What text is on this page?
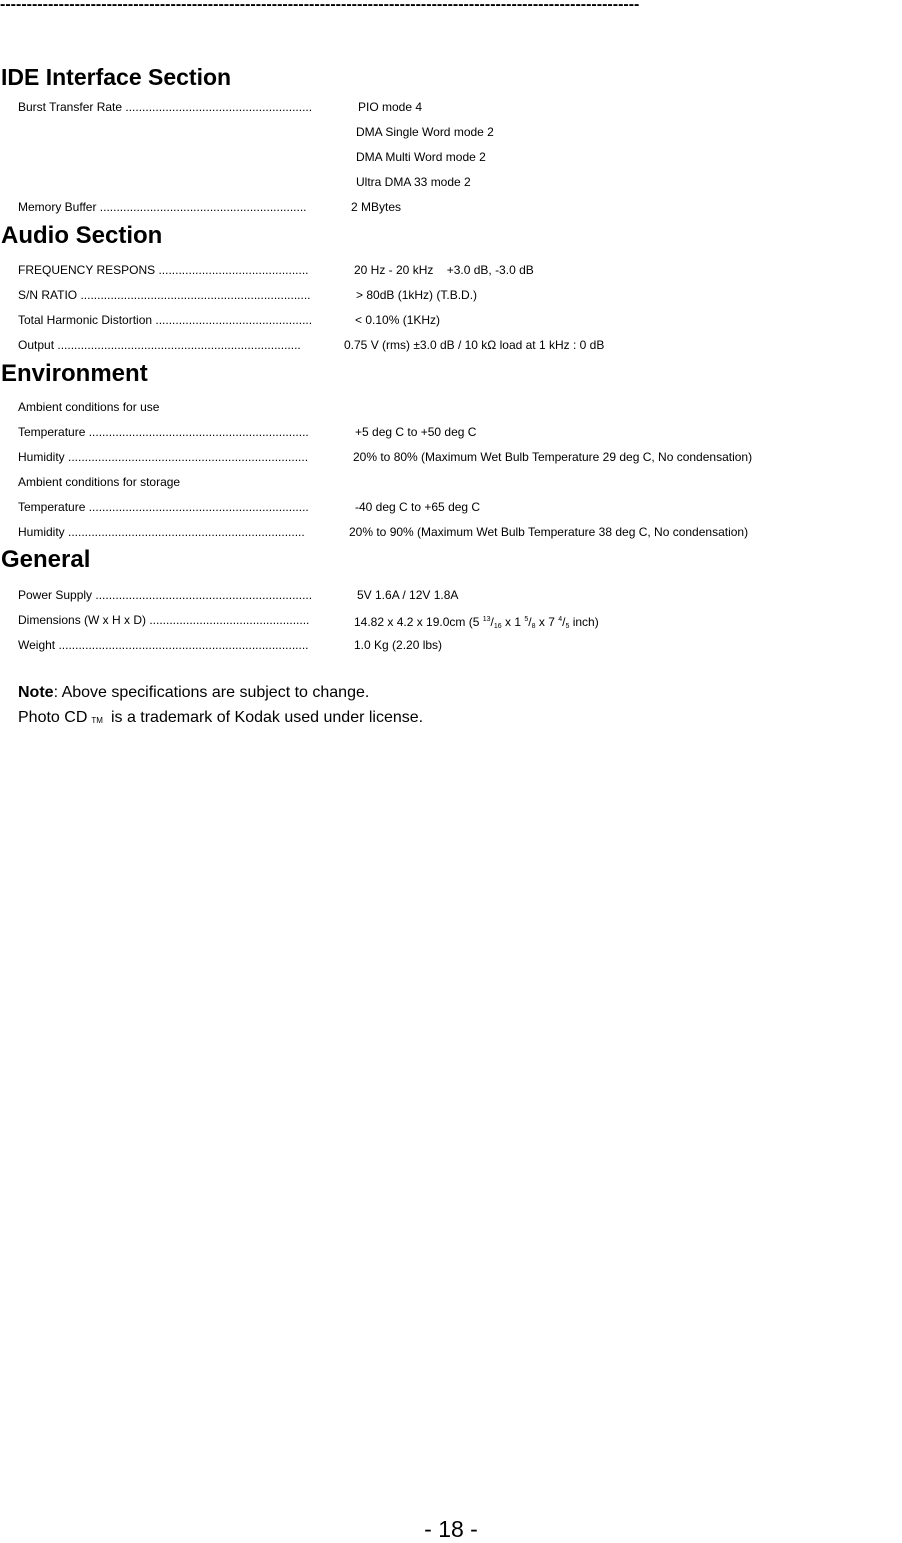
------------------------------------------------------------------------------------------------------------------------
IDE Interface Section
Burst Transfer Rate ........................................................	PIO mode 4
DMA Single Word mode 2
DMA Multi Word mode 2
Ultra DMA 33 mode 2
Memory Buffer ..............................................................	2 MBytes
Audio Section
FREQUENCY RESPONS .............................................	20 Hz - 20 kHz    +3.0 dB, -3.0 dB
S/N RATIO .....................................................................	> 80dB (1kHz) (T.B.D.)
Total Harmonic Distortion ...............................................	< 0.10% (1KHz)
Output .........................................................................	0.75 V (rms) ±3.0 dB / 10 kΩ load at 1 kHz : 0 dB
Environment
Ambient conditions for use
Temperature ..................................................................	+5 deg C to +50 deg C
Humidity ........................................................................	20% to 80% (Maximum Wet Bulb Temperature 29 deg C, No condensation)
Ambient conditions for storage
Temperature ..................................................................	-40 deg C to +65 deg C
Humidity .......................................................................	20% to 90% (Maximum Wet Bulb Temperature 38 deg C, No condensation)
General
Power Supply .................................................................	5V 1.6A / 12V 1.8A
Dimensions (W x H x D) ................................................	14.82 x 4.2 x 19.0cm (5 $^{13}/_{16}$ x 1 $^5/_8$ x 7 $^4/_5$ inch)
Weight ...........................................................................	1.0 Kg (2.20 lbs)
Note: Above specifications are subject to change.
Photo CD TM is a trademark of Kodak used under license.
- 18 -
